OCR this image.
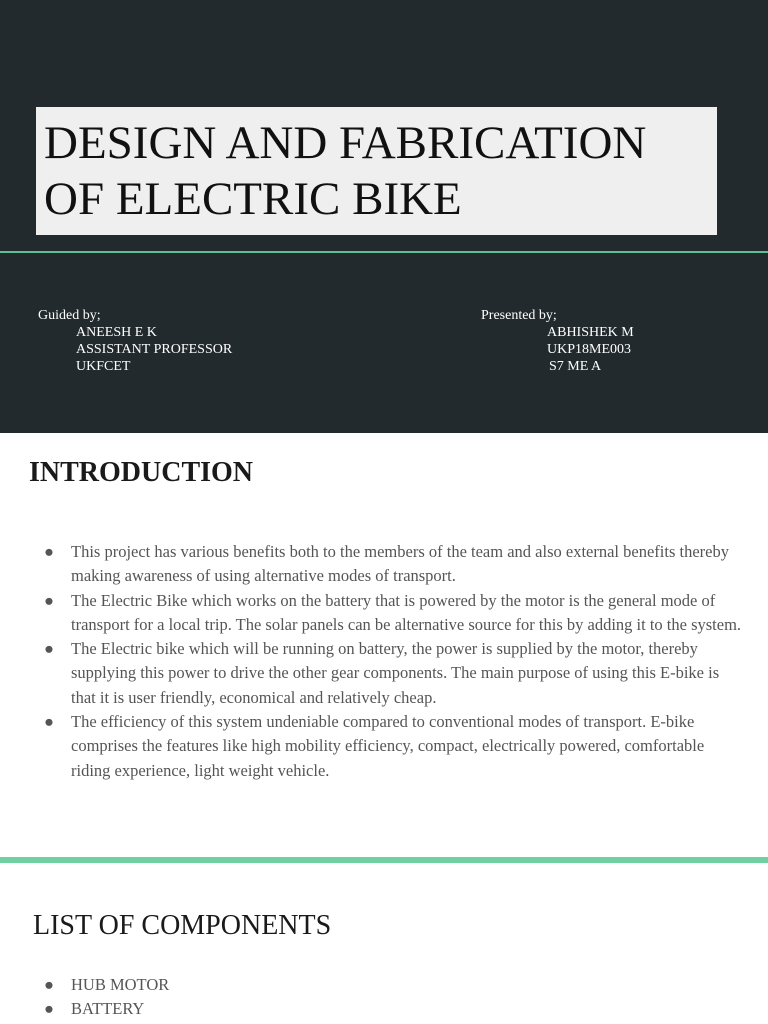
DESIGN AND FABRICATION
OF ELECTRIC BIKE
Guided by;
ANEESH E K
ASSISTANT PROFESSOR
UKFCET
Presented by;
ABHISHEK M
UKP18ME003
S7 ME A
INTRODUCTION
● This project has various benefits both to the members of the team and also external benefits thereby making awareness of using alternative modes of transport.
● The Electric Bike which works on the battery that is powered by the motor is the general mode of transport for a local trip. The solar panels can be alternative source for this by adding it to the system.
● The Electric bike which will be running on battery, the power is supplied by the motor, thereby supplying this power to drive the other gear components. The main purpose of using this E-bike is that it is user friendly, economical and relatively cheap.
● The efficiency of this system undeniable compared to conventional modes of transport. E-bike comprises the features like high mobility efficiency, compact, electrically powered, comfortable riding experience, light weight vehicle.
LIST OF COMPONENTS
● HUB MOTOR
● BATTERY
